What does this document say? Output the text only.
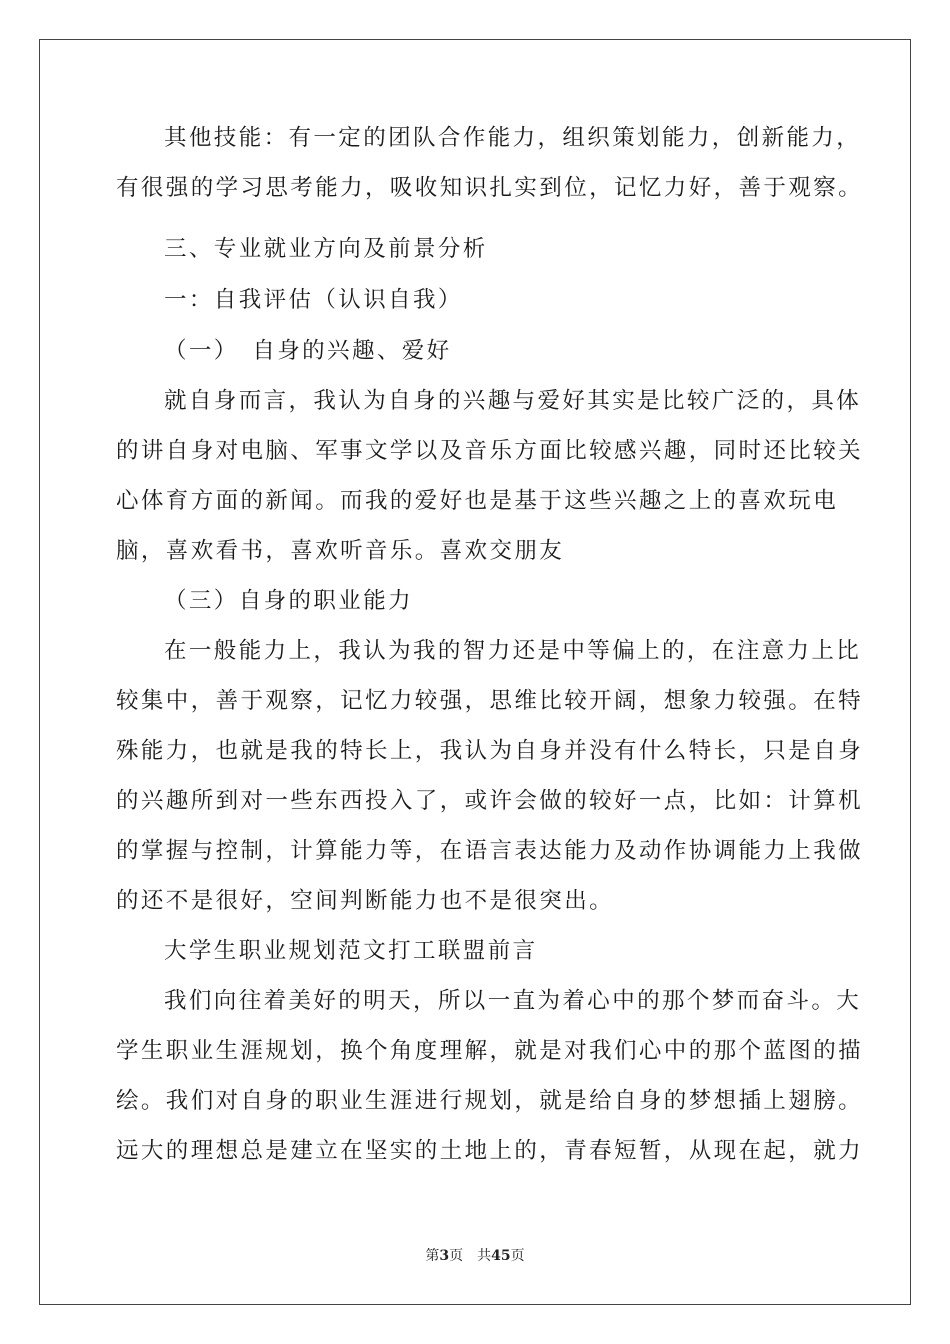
其他技能：有一定的团队合作能力，组织策划能力，创新能力，
有很强的学习思考能力，吸收知识扎实到位，记忆力好，善于观察。
三、专业就业方向及前景分析
一：自我评估（认识自我）
（一）　自身的兴趣、爱好
就自身而言，我认为自身的兴趣与爱好其实是比较广泛的，具体
的讲自身对电脑、军事文学以及音乐方面比较感兴趣，同时还比较关
心体育方面的新闻。而我的爱好也是基于这些兴趣之上的喜欢玩电
脑，喜欢看书，喜欢听音乐。喜欢交朋友
（三）自身的职业能力
在一般能力上，我认为我的智力还是中等偏上的，在注意力上比
较集中，善于观察，记忆力较强，思维比较开阔，想象力较强。在特
殊能力，也就是我的特长上，我认为自身并没有什么特长，只是自身
的兴趣所到对一些东西投入了，或许会做的较好一点，比如：计算机
的掌握与控制，计算能力等，在语言表达能力及动作协调能力上我做
的还不是很好，空间判断能力也不是很突出。
大学生职业规划范文打工联盟前言
我们向往着美好的明天，所以一直为着心中的那个梦而奋斗。大
学生职业生涯规划，换个角度理解，就是对我们心中的那个蓝图的描
绘。我们对自身的职业生涯进行规划，就是给自身的梦想插上翅膀。
远大的理想总是建立在坚实的土地上的，青春短暂，从现在起，就力
第3页　共45页
